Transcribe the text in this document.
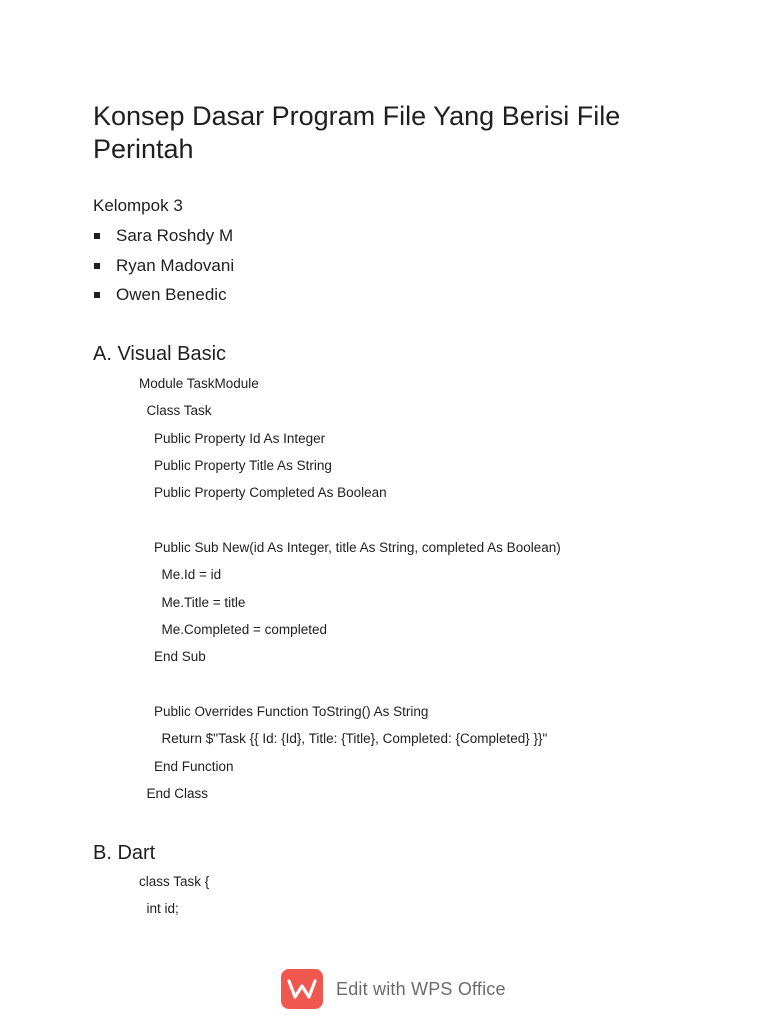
Konsep Dasar Program File Yang Berisi File Perintah
Kelompok 3
Sara Roshdy M
Ryan Madovani
Owen Benedic
A. Visual Basic
Module TaskModule
Class Task
Public Property Id As Integer
Public Property Title As String
Public Property Completed As Boolean
Public Sub New(id As Integer, title As String, completed As Boolean)
Me.Id = id
Me.Title = title
Me.Completed = completed
End Sub
Public Overrides Function ToString() As String
Return $"Task {{ Id: {Id}, Title: {Title}, Completed: {Completed} }}"
End Function
End Class
B. Dart
class Task {
int id;
Edit with WPS Office
